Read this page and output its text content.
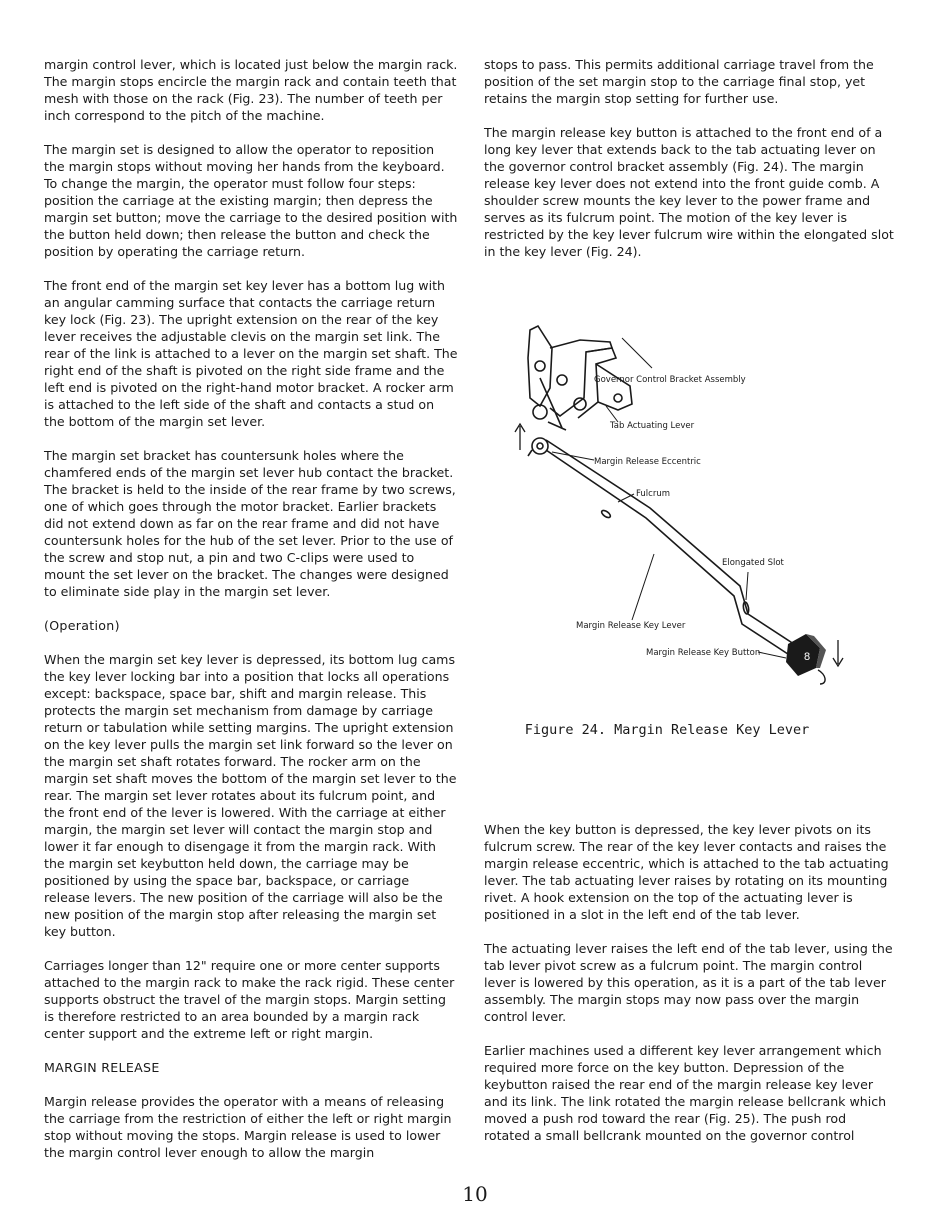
margin control lever, which is located just below the margin rack. The margin stops encircle the margin rack and contain teeth that mesh with those on the rack (Fig. 23). The number of teeth per inch correspond to the pitch of the machine.

The margin set is designed to allow the operator to reposition the margin stops without moving her hands from the keyboard. To change the margin, the operator must follow four steps: position the carriage at the existing margin; then depress the margin set button; move the carriage to the desired position with the button held down; then release the button and check the position by operating the carriage return.

The front end of the margin set key lever has a bottom lug with an angular camming surface that contacts the carriage return key lock (Fig. 23). The upright extension on the rear of the key lever receives the adjustable clevis on the margin set link. The rear of the link is attached to a lever on the margin set shaft. The right end of the shaft is pivoted on the right side frame and the left end is pivoted on the right-hand motor bracket. A rocker arm is attached to the left side of the shaft and contacts a stud on the bottom of the margin set lever.

The margin set bracket has countersunk holes where the chamfered ends of the margin set lever hub contact the bracket. The bracket is held to the inside of the rear frame by two screws, one of which goes through the motor bracket. Earlier brackets did not extend down as far on the rear frame and did not have countersunk holes for the hub of the set lever. Prior to the use of the screw and stop nut, a pin and two C-clips were used to mount the set lever on the bracket. The changes were designed to eliminate side play in the margin set lever.

(Operation)

When the margin set key lever is depressed, its bottom lug cams the key lever locking bar into a position that locks all operations except: backspace, space bar, shift and margin release. This protects the margin set mechanism from damage by carriage return or tabulation while setting margins. The upright extension on the key lever pulls the margin set link forward so the lever on the margin set shaft rotates forward. The rocker arm on the margin set shaft moves the bottom of the margin set lever to the rear. The margin set lever rotates about its fulcrum point, and the front end of the lever is lowered. With the carriage at either margin, the margin set lever will contact the margin stop and lower it far enough to disengage it from the margin rack. With the margin set keybutton held down, the carriage may be positioned by using the space bar, backspace, or carriage release levers. The new position of the carriage will also be the new position of the margin stop after releasing the margin set key button.

Carriages longer than 12" require one or more center supports attached to the margin rack to make the rack rigid. These center supports obstruct the travel of the margin stops. Margin setting is therefore restricted to an area bounded by a margin rack center support and the extreme left or right margin.

MARGIN RELEASE

Margin release provides the operator with a means of releasing the carriage from the restriction of either the left or right margin stop without moving the stops. Margin release is used to lower the margin control lever enough to allow the margin

stops to pass. This permits additional carriage travel from the position of the set margin stop to the carriage final stop, yet retains the margin stop setting for further use.

The margin release key button is attached to the front end of a long key lever that extends back to the tab actuating lever on the governor control bracket assembly (Fig. 24). The margin release key lever does not extend into the front guide comb. A shoulder screw mounts the key lever to the power frame and serves as its fulcrum point. The motion of the key lever is restricted by the key lever fulcrum wire within the elongated slot in the key lever (Fig. 24).

8
Governor Control Bracket Assembly
Tab Actuating Lever
Margin Release Eccentric
Fulcrum
Elongated Slot
Margin Release Key Lever
Margin Release Key Button
Figure 24. Margin Release Key Lever

When the key button is depressed, the key lever pivots on its fulcrum screw. The rear of the key lever contacts and raises the margin release eccentric, which is attached to the tab actuating lever. The tab actuating lever raises by rotating on its mounting rivet. A hook extension on the top of the actuating lever is positioned in a slot in the left end of the tab lever.

The actuating lever raises the left end of the tab lever, using the tab lever pivot screw as a fulcrum point. The margin control lever is lowered by this operation, as it is a part of the tab lever assembly. The margin stops may now pass over the margin control lever.

Earlier machines used a different key lever arrangement which required more force on the key button. Depression of the keybutton raised the rear end of the margin release key lever and its link. The link rotated the margin release bellcrank which moved a push rod toward the rear (Fig. 25). The push rod rotated a small bellcrank mounted on the governor control

10
